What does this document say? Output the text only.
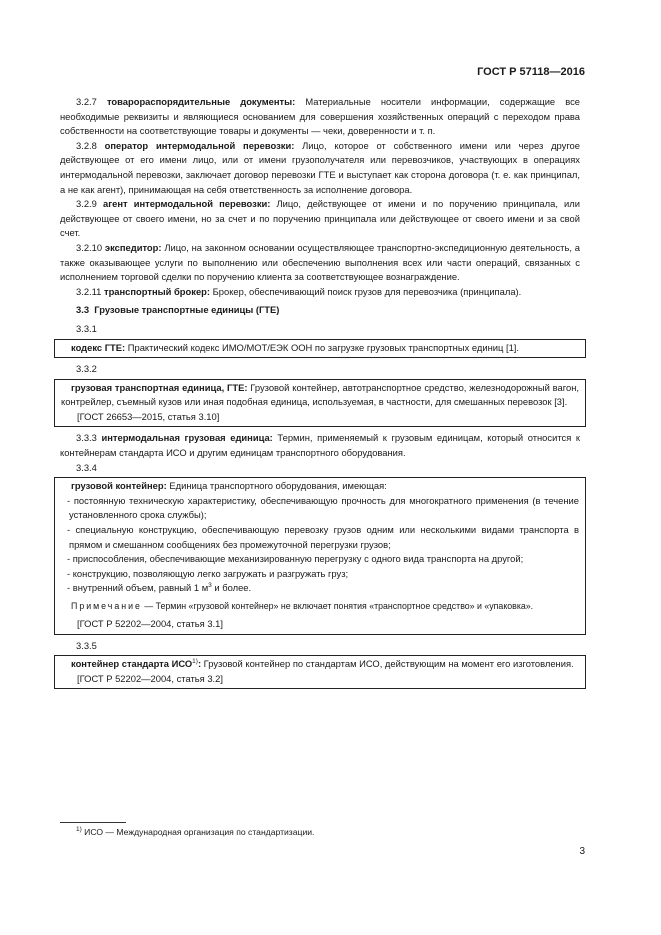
ГОСТ Р 57118—2016

3.2.7 товарораспорядительные документы: Материальные носители информации, содержащие все необходимые реквизиты и являющиеся основанием для совершения хозяйственных операций с переходом права собственности на соответствующие товары и документы — чеки, доверенности и т. п.

3.2.8 оператор интермодальной перевозки: Лицо, которое от собственного имени или через другое действующее от его имени лицо, или от имени грузополучателя или перевозчиков, участвующих в операциях интермодальной перевозки, заключает договор перевозки ГТЕ и выступает как сторона договора (т. е. как принципал, а не как агент), принимающая на себя ответственность за исполнение договора.

3.2.9 агент интермодальной перевозки: Лицо, действующее от имени и по поручению принципала, или действующее от своего имени, но за счет и по поручению принципала или действующее от своего имени и за свой счет.

3.2.10 экспедитор: Лицо, на законном основании осуществляющее транспортно-экспедиционную деятельность, а также оказывающее услуги по выполнению или обеспечению выполнения всех или части операций, связанных с исполнением торговой сделки по поручению клиента за соответствующее вознаграждение.

3.2.11 транспортный брокер: Брокер, обеспечивающий поиск грузов для перевозчика (принципала).

3.3 Грузовые транспортные единицы (ГТЕ)

3.3.1

кодекс ГТЕ: Практический кодекс ИМО/МОТ/ЕЭК ООН по загрузке грузовых транспортных единиц [1].

3.3.2

грузовая транспортная единица, ГТЕ: Грузовой контейнер, автотранспортное средство, железнодорожный вагон, контрейлер, съемный кузов или иная подобная единица, используемая, в частности, для смешанных перевозок [3].

[ГОСТ 26653—2015, статья 3.10]

3.3.3 интермодальная грузовая единица: Термин, применяемый к грузовым единицам, который относится к контейнерам стандарта ИСО и другим единицам транспортного оборудования.

3.3.4

грузовой контейнер: Единица транспортного оборудования, имеющая:

- постоянную техническую характеристику, обеспечивающую прочность для многократного применения (в течение установленного срока службы);

- специальную конструкцию, обеспечивающую перевозку грузов одним или несколькими видами транспорта в прямом и смешанном сообщениях без промежуточной перегрузки грузов;

- приспособления, обеспечивающие механизированную перегрузку с одного вида транспорта на другой;

- конструкцию, позволяющую легко загружать и разгружать груз;

- внутренний объем, равный 1 $м^3$ и более.

Примечание — Термин «грузовой контейнер» не включает понятия «транспортное средство» и «упаковка».

[ГОСТ Р 52202—2004, статья 3.1]

3.3.5

контейнер стандарта ИСО$^{1)}$: Грузовой контейнер по стандартам ИСО, действующим на момент его изготовления.

[ГОСТ Р 52202—2004, статья 3.2]

$^{1)}$ ИСО — Международная организация по стандартизации.
3
